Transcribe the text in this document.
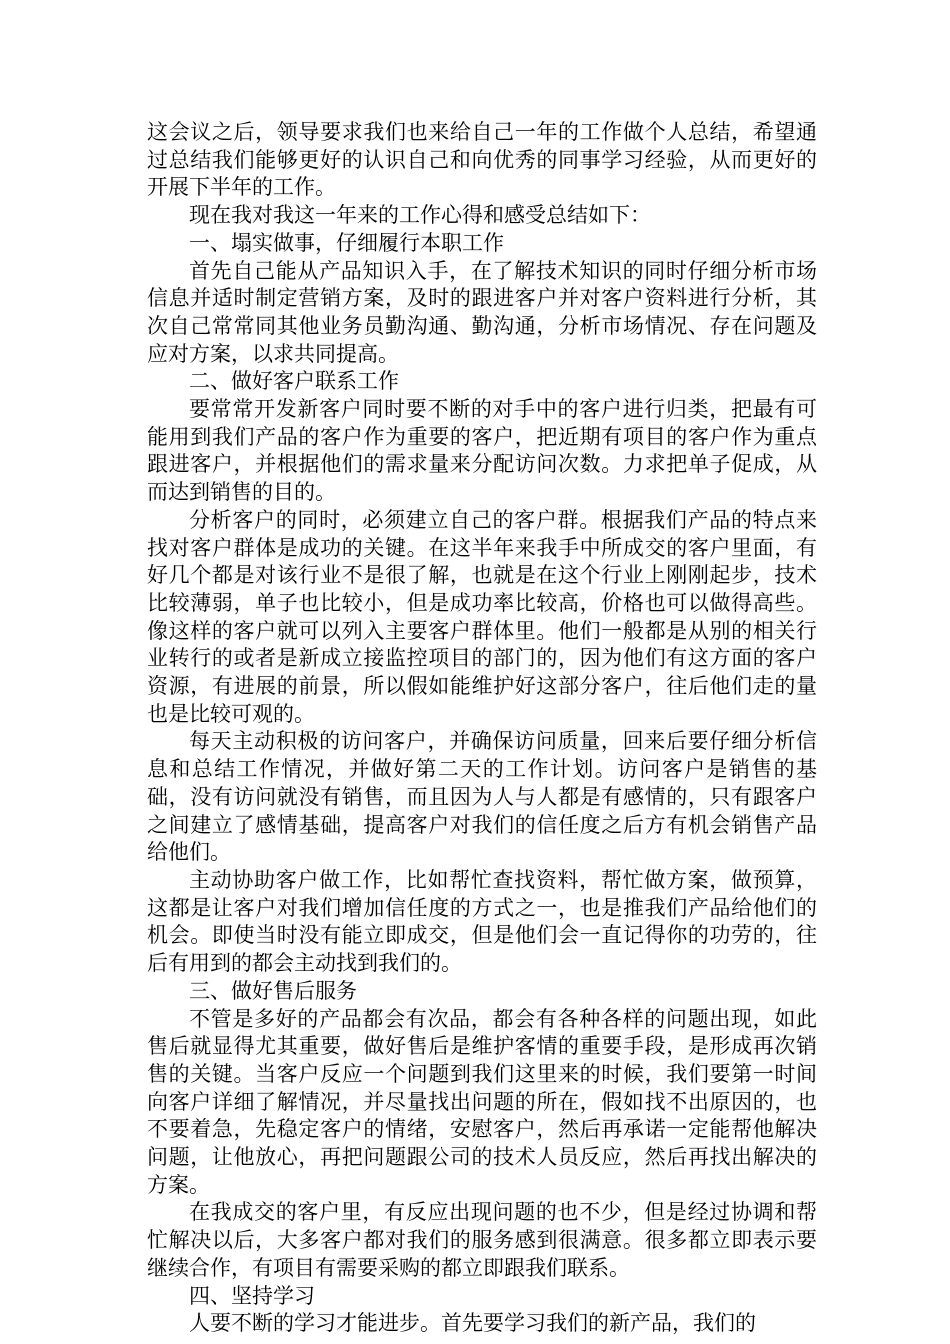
这会议之后，领导要求我们也来给自己一年的工作做个人总结，希望通过总结我们能够更好的认识自己和向优秀的同事学习经验，从而更好的开展下半年的工作。

现在我对我这一年来的工作心得和感受总结如下：

一、塌实做事，仔细履行本职工作

首先自己能从产品知识入手，在了解技术知识的同时仔细分析市场信息并适时制定营销方案，及时的跟进客户并对客户资料进行分析，其次自己常常同其他业务员勤沟通、勤沟通，分析市场情况、存在问题及应对方案，以求共同提高。

二、做好客户联系工作

要常常开发新客户同时要不断的对手中的客户进行归类，把最有可能用到我们产品的客户作为重要的客户，把近期有项目的客户作为重点跟进客户，并根据他们的需求量来分配访问次数。力求把单子促成，从而达到销售的目的。

分析客户的同时，必须建立自己的客户群。根据我们产品的特点来找对客户群体是成功的关键。在这半年来我手中所成交的客户里面，有好几个都是对该行业不是很了解，也就是在这个行业上刚刚起步，技术比较薄弱，单子也比较小，但是成功率比较高，价格也可以做得高些。像这样的客户就可以列入主要客户群体里。他们一般都是从别的相关行业转行的或者是新成立接监控项目的部门的，因为他们有这方面的客户资源，有进展的前景，所以假如能维护好这部分客户，往后他们走的量也是比较可观的。

每天主动积极的访问客户，并确保访问质量，回来后要仔细分析信息和总结工作情况，并做好第二天的工作计划。访问客户是销售的基础，没有访问就没有销售，而且因为人与人都是有感情的，只有跟客户之间建立了感情基础，提高客户对我们的信任度之后方有机会销售产品给他们。

主动协助客户做工作，比如帮忙查找资料，帮忙做方案，做预算，这都是让客户对我们增加信任度的方式之一，也是推我们产品给他们的机会。即使当时没有能立即成交，但是他们会一直记得你的功劳的，往后有用到的都会主动找到我们的。

三、做好售后服务

不管是多好的产品都会有次品，都会有各种各样的问题出现，如此售后就显得尤其重要，做好售后是维护客情的重要手段，是形成再次销售的关键。当客户反应一个问题到我们这里来的时候，我们要第一时间向客户详细了解情况，并尽量找出问题的所在，假如找不出原因的，也不要着急，先稳定客户的情绪，安慰客户，然后再承诺一定能帮他解决问题，让他放心，再把问题跟公司的技术人员反应，然后再找出解决的方案。

在我成交的客户里，有反应出现问题的也不少，但是经过协调和帮忙解决以后，大多客户都对我们的服务感到很满意。很多都立即表示要继续合作，有项目有需要采购的都立即跟我们联系。

四、坚持学习

人要不断的学习才能进步。首先要学习我们的新产品，我们的
